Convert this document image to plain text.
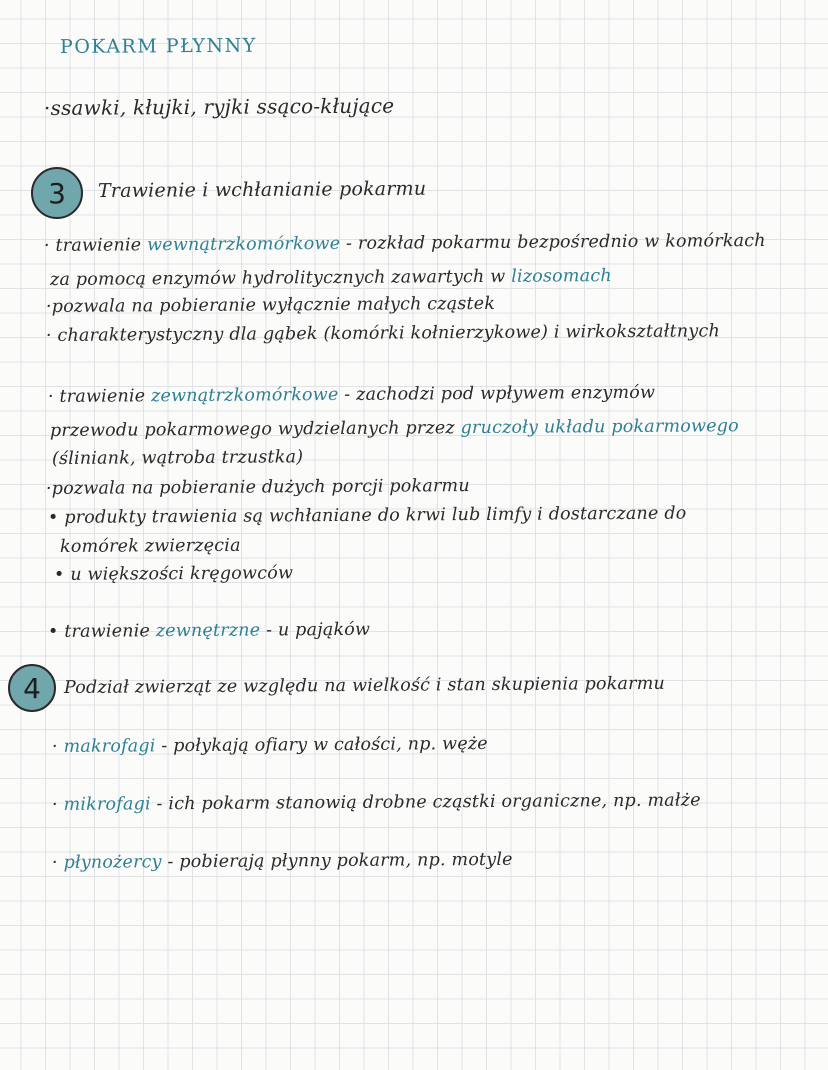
POKARM PŁYNNY
·ssawki, kłujki, ryjki ssąco-kłujące
3	Trawienie i wchłanianie pokarmu
· trawienie wewnątrzkomórkowe - rozkład pokarmu bezpośrednio w komórkach
za pomocą enzymów hydrolitycznych zawartych w lizosomach
·pozwala na pobieranie wyłącznie małych cząstek
· charakterystyczny dla gąbek (komórki kołnierzykowe) i wirkokształtnych
· trawienie zewnątrzkomórkowe - zachodzi pod wpływem enzymów
przewodu pokarmowego wydzielanych przez gruczoły układu pokarmowego
(śliniank, wątroba trzustka)
·pozwala na pobieranie dużych porcji pokarmu
• produkty trawienia są wchłaniane do krwi lub limfy i dostarczane do
komórek zwierzęcia
• u większości kręgowców
• trawienie zewnętrzne - u pająków
4	Podział zwierząt ze względu na wielkość i stan skupienia pokarmu
· makrofagi - połykają ofiary w całości, np. węże
· mikrofagi - ich pokarm stanowią drobne cząstki organiczne, np. małże
· płynożercy - pobierają płynny pokarm, np. motyle
